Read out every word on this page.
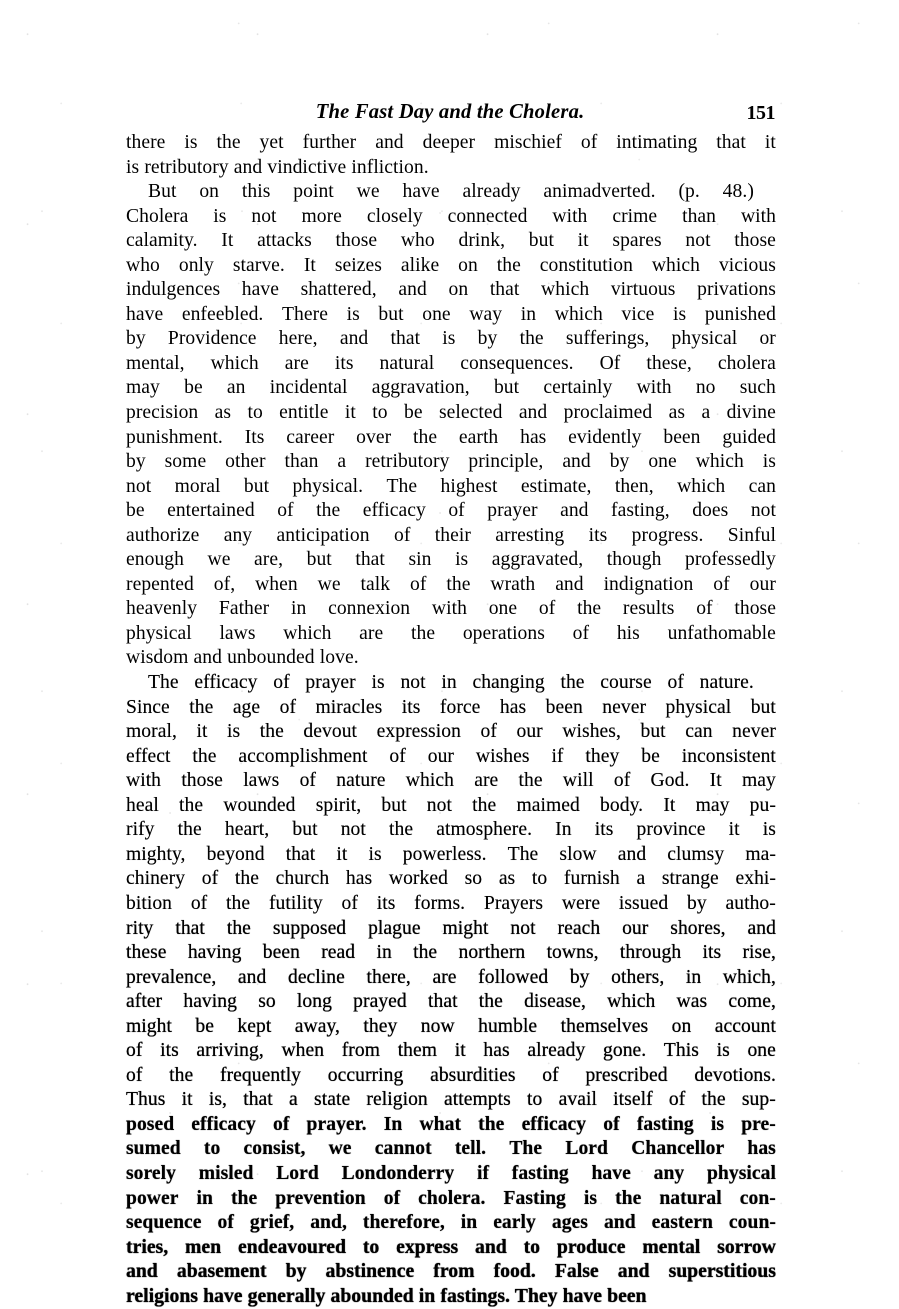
The Fast Day and the Cholera.	151

there is the yet further and deeper mischief of intimating that it
is retributory and vindictive infliction.

But on this point we have already animadverted. (p. 48.)
Cholera is not more closely connected with crime than with
calamity. It attacks those who drink, but it spares not those
who only starve. It seizes alike on the constitution which vicious
indulgences have shattered, and on that which virtuous privations
have enfeebled. There is but one way in which vice is punished
by Providence here, and that is by the sufferings, physical or
mental, which are its natural consequences. Of these, cholera
may be an incidental aggravation, but certainly with no such
precision as to entitle it to be selected and proclaimed as a divine
punishment. Its career over the earth has evidently been guided
by some other than a retributory principle, and by one which is
not moral but physical. The highest estimate, then, which can
be entertained of the efficacy of prayer and fasting, does not
authorize any anticipation of their arresting its progress. Sinful
enough we are, but that sin is aggravated, though professedly
repented of, when we talk of the wrath and indignation of our
heavenly Father in connexion with one of the results of those
physical laws which are the operations of his unfathomable
wisdom and unbounded love.

The efficacy of prayer is not in changing the course of nature.
Since the age of miracles its force has been never physical but
moral, it is the devout expression of our wishes, but can never
effect the accomplishment of our wishes if they be inconsistent
with those laws of nature which are the will of God. It may
heal the wounded spirit, but not the maimed body. It may pu-
rify the heart, but not the atmosphere. In its province it is
mighty, beyond that it is powerless. The slow and clumsy ma-
chinery of the church has worked so as to furnish a strange exhi-
bition of the futility of its forms. Prayers were issued by autho-
rity that the supposed plague might not reach our shores, and
these having been read in the northern towns, through its rise,
prevalence, and decline there, are followed by others, in which,
after having so long prayed that the disease, which was come,
might be kept away, they now humble themselves on account
of its arriving, when from them it has already gone. This is one
of the frequently occurring absurdities of prescribed devotions.
Thus it is, that a state religion attempts to avail itself of the sup-
posed efficacy of prayer. In what the efficacy of fasting is pre-
sumed to consist, we cannot tell. The Lord Chancellor has
sorely misled Lord Londonderry if fasting have any physical
power in the prevention of cholera. Fasting is the natural con-
sequence of grief, and, therefore, in early ages and eastern coun-
tries, men endeavoured to express and to produce mental sorrow
and abasement by abstinence from food. False and superstitious
religions have generally abounded in fastings. They have been
